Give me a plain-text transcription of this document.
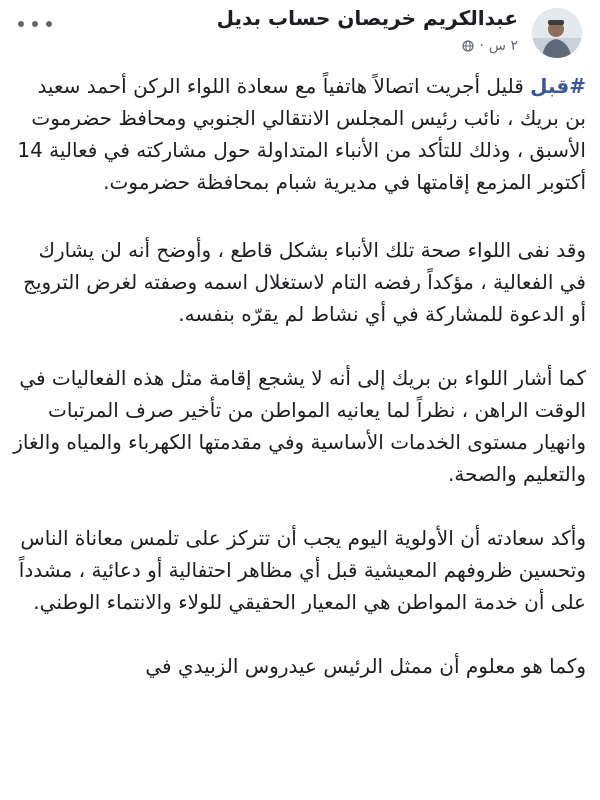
عبدالكريم خريصان حساب بديل
٢ س
·

#قبل قليل أجريت اتصالاً هاتفياً مع سعادة اللواء الركن أحمد سعيد بن بريك ، نائب رئيس المجلس الانتقالي الجنوبي ومحافظ حضرموت الأسبق ، وذلك للتأكد من الأنباء المتداولة حول مشاركته في فعالية 14 أكتوبر المزمع إقامتها في مديرية شبام بمحافظة حضرموت.

وقد نفى اللواء صحة تلك الأنباء بشكل قاطع ، وأوضح أنه لن يشارك في الفعالية ، مؤكداً رفضه التام لاستغلال اسمه وصفته لغرض الترويج أو الدعوة للمشاركة في أي نشاط لم يقرّه بنفسه.

كما أشار اللواء بن بريك إلى أنه لا يشجع إقامة مثل هذه الفعاليات في الوقت الراهن ، نظراً لما يعانيه المواطن من تأخير صرف المرتبات وانهيار مستوى الخدمات الأساسية وفي مقدمتها الكهرباء والمياه والغاز والتعليم والصحة.

وأكد سعادته أن الأولوية اليوم يجب أن تتركز على تلمس معاناة الناس وتحسين ظروفهم المعيشية قبل أي مظاهر احتفالية أو دعائية ، مشدداً على أن خدمة المواطن هي المعيار الحقيقي للولاء والانتماء الوطني.

وكما هو معلوم أن ممثل الرئيس عيدروس الزبيدي في
